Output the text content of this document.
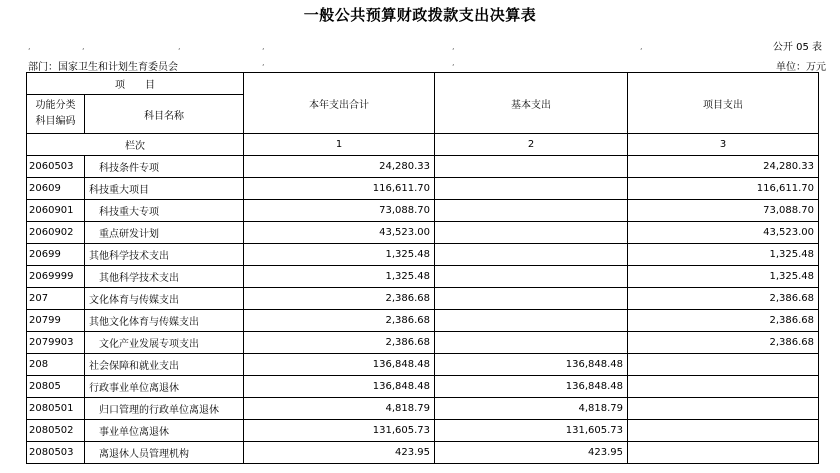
一般公共预算财政拨款支出决算表
,	,	,	,	,	,	公开 05 表
部门：国家卫生和计划生育委员会	,	,	单位：万元
项　　目		本年支出合计	基本支出	项目支出
功能分类
科目编码	科目名称			

栏次		1	2	3
2060503	科技条件专项	24,280.33		24,280.33
20609	科技重大项目	116,611.70		116,611.70
2060901	科技重大专项	73,088.70		73,088.70
2060902	重点研发计划	43,523.00		43,523.00
20699	其他科学技术支出	1,325.48		1,325.48
2069999	其他科学技术支出	1,325.48		1,325.48
207	文化体育与传媒支出	2,386.68		2,386.68
20799	其他文化体育与传媒支出	2,386.68		2,386.68
2079903	文化产业发展专项支出	2,386.68		2,386.68
208	社会保障和就业支出	136,848.48	136,848.48	
20805	行政事业单位离退休	136,848.48	136,848.48	
2080501	归口管理的行政单位离退休	4,818.79	4,818.79	
2080502	事业单位离退休	131,605.73	131,605.73	
2080503	离退休人员管理机构	423.95	423.95	
